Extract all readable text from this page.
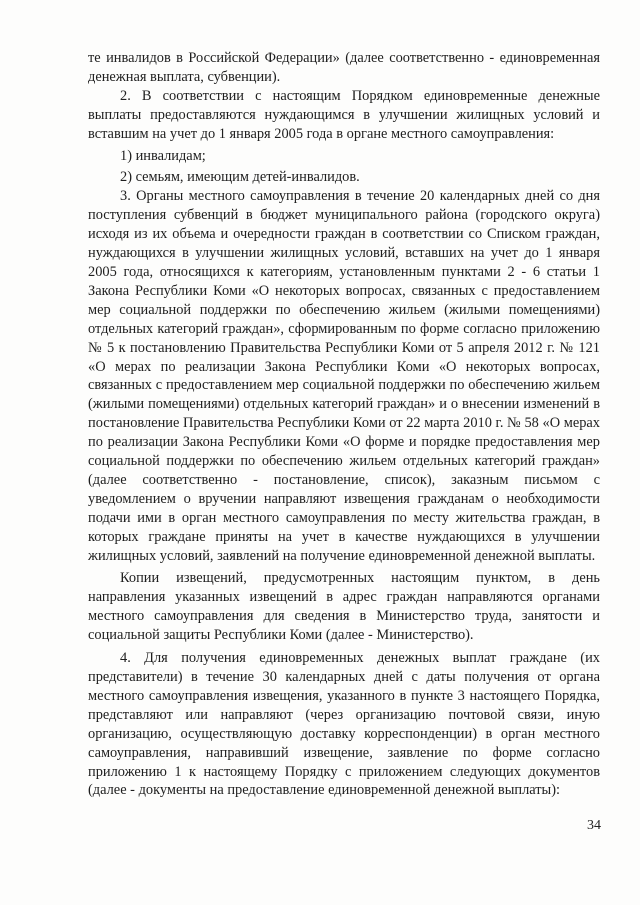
те инвалидов в Российской Федерации» (далее соответственно - единовременная денежная выплата, субвенции).

2. В соответствии с настоящим Порядком единовременные денежные выплаты предоставляются нуждающимся в улучшении жилищных условий и вставшим на учет до 1 января 2005 года в органе местного самоуправления:

1) инвалидам;

2) семьям, имеющим детей-инвалидов.

3. Органы местного самоуправления в течение 20 календарных дней со дня поступления субвенций в бюджет муниципального района (городского округа) исходя из их объема и очередности граждан в соответствии со Списком граждан, нуждающихся в улучшении жилищных условий, вставших на учет до 1 января 2005 года, относящихся к категориям, установленным пунктами 2 - 6 статьи 1 Закона Республики Коми «О некоторых вопросах, связанных с предоставлением мер социальной поддержки по обеспечению жильем (жилыми помещениями) отдельных категорий граждан», сформированным по форме согласно приложению № 5 к постановлению Правительства Республики Коми от 5 апреля 2012 г. № 121 «О мерах по реализации Закона Республики Коми «О некоторых вопросах, связанных с предоставлением мер социальной поддержки по обеспечению жильем (жилыми помещениями) отдельных категорий граждан» и о внесении изменений в постановление Правительства Республики Коми от 22 марта 2010 г. № 58 «О мерах по реализации Закона Республики Коми «О форме и порядке предоставления мер социальной поддержки по обеспечению жильем отдельных категорий граждан» (далее соответственно - постановление, список), заказным письмом с уведомлением о вручении направляют извещения гражданам о необходимости подачи ими в орган местного самоуправления по месту жительства граждан, в которых граждане приняты на учет в качестве нуждающихся в улучшении жилищных условий, заявлений на получение единовременной денежной выплаты.

Копии извещений, предусмотренных настоящим пунктом, в день направления указанных извещений в адрес граждан направляются органами местного самоуправления для сведения в Министерство труда, занятости и социальной защиты Республики Коми (далее - Министерство).

4. Для получения единовременных денежных выплат граждане (их представители) в течение 30 календарных дней с даты получения от органа местного самоуправления извещения, указанного в пункте 3 настоящего Порядка, представляют или направляют (через организацию почтовой связи, иную организацию, осуществляющую доставку корреспонденции) в орган местного самоуправления, направивший извещение, заявление по форме согласно приложению 1 к настоящему Порядку с приложением следующих документов (далее - документы на предоставление единовременной денежной выплаты):

34
